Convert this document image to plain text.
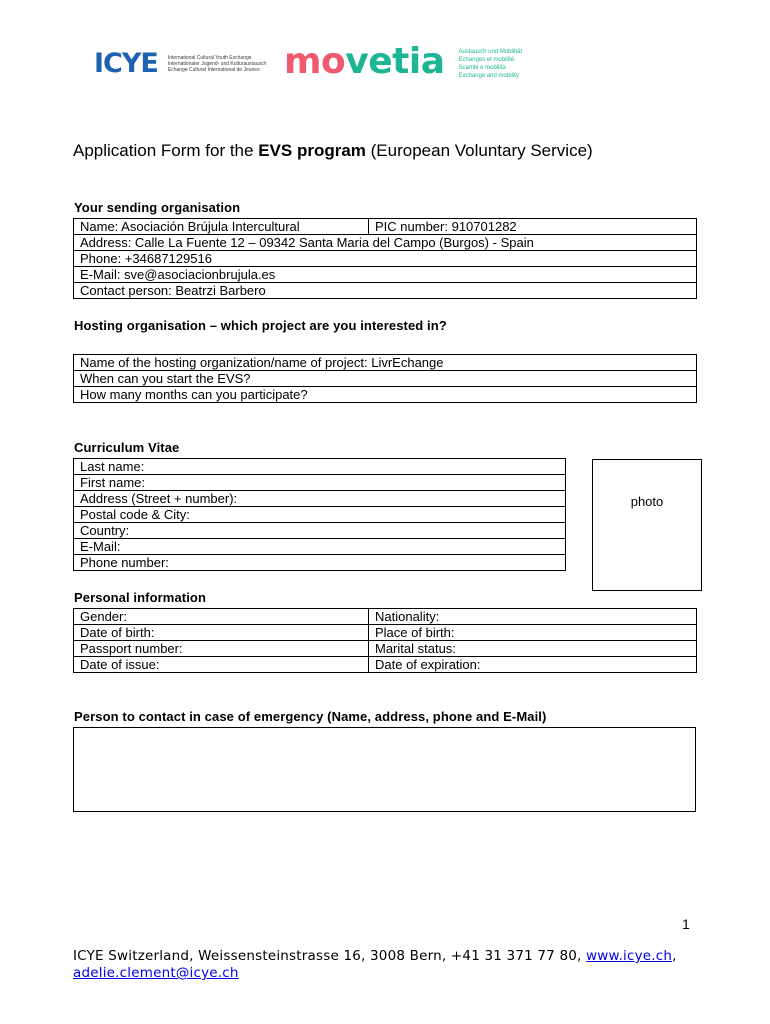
ICYE International Cultural Youth Exchange
Internationaler Jugend- und Kulturaustausch
Echange Culturel International de Jeunes movetia Austausch und Mobilität
Echanges et mobilité
Scambi e mobilità
Exchange and mobility
Application Form for the EVS program (European Voluntary Service)
Your sending organisation
Name: Asociación Brújula Intercultural	PIC number: 910701282
Address: Calle La Fuente 12 – 09342 Santa Maria del Campo (Burgos) - Spain
Phone: +34687129516
E-Mail: sve@asociacionbrujula.es
Contact person: Beatrzi Barbero
Hosting organisation – which project are you interested in?
Name of the hosting organization/name of project: LivrEchange
When can you start the EVS?
How many months can you participate?
Curriculum Vitae
Last name:
First name:
Address (Street + number):
Postal code & City:
Country:
E-Mail:
Phone number:
photo
Personal information
Gender:	Nationality:
Date of birth:	Place of birth:
Passport number:	Marital status:
Date of issue:	Date of expiration:
Person to contact in case of emergency (Name, address, phone and E-Mail)
1
ICYE Switzerland, Weissensteinstrasse 16, 3008 Bern, +41 31 371 77 80, www.icye.ch,
adelie.clement@icye.ch
